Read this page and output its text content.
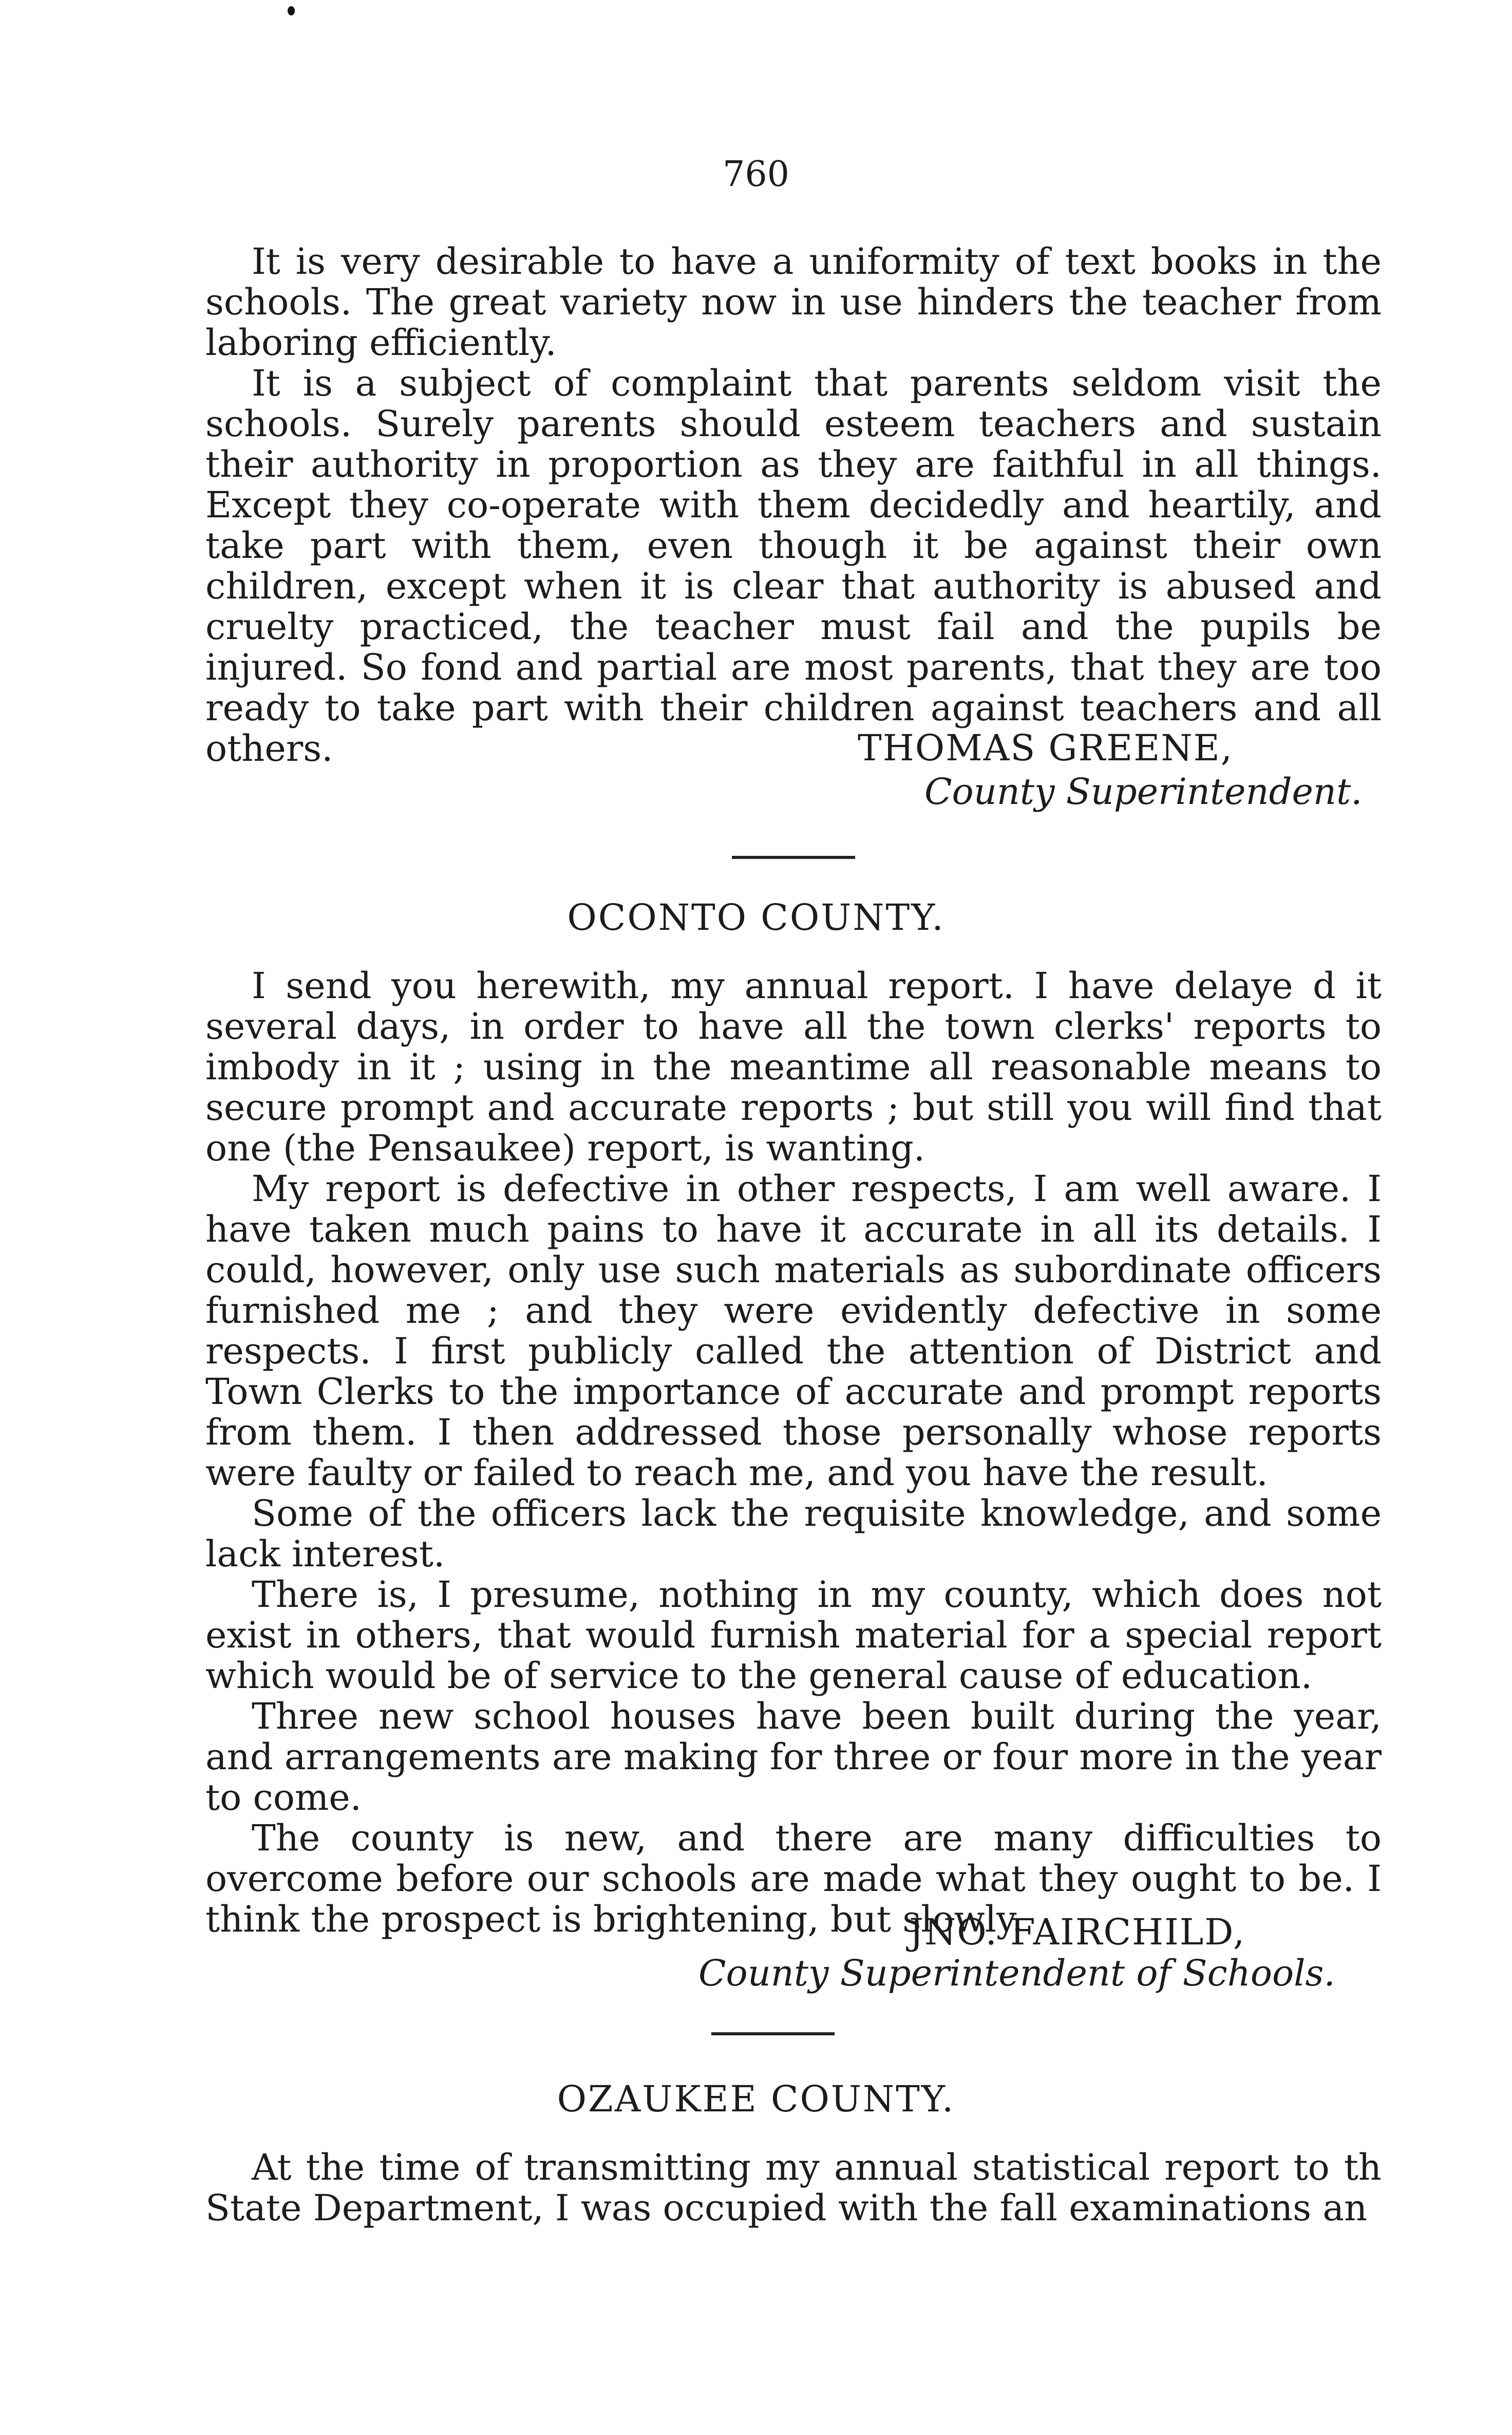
760

It is very desirable to have a uniformity of text books in the schools. The great variety now in use hinders the teacher from laboring efficiently.

It is a subject of complaint that parents seldom visit the schools. Surely parents should esteem teachers and sustain their authority in proportion as they are faithful in all things. Except they co-operate with them decidedly and heartily, and take part with them, even though it be against their own children, except when it is clear that authority is abused and cruelty practiced, the teacher must fail and the pupils be injured. So fond and partial are most parents, that they are too ready to take part with their children against teachers and all others.	THOMAS GREENE,
County Superintendent.
OCONTO COUNTY.

I send you herewith, my annual report. I have delaye d it several days, in order to have all the town clerks' reports to imbody in it ; using in the meantime all reasonable means to secure prompt and accurate reports ; but still you will find that one (the Pensaukee) report, is wanting.

My report is defective in other respects, I am well aware. I have taken much pains to have it accurate in all its details. I could, however, only use such materials as subordinate officers furnished me ; and they were evidently defective in some respects. I first publicly called the attention of District and Town Clerks to the importance of accurate and prompt reports from them. I then addressed those personally whose reports were faulty or failed to reach me, and you have the result.

Some of the officers lack the requisite knowledge, and some lack interest.

There is, I presume, nothing in my county, which does not exist in others, that would furnish material for a special report which would be of service to the general cause of education.

Three new school houses have been built during the year, and arrangements are making for three or four more in the year to come.

The county is new, and there are many difficulties to overcome before our schools are made what they ought to be. I think the prospect is brightening, but slowly.

JNO. FAIRCHILD,
County Superintendent of Schools.
OZAUKEE COUNTY.

At the time of transmitting my annual statistical report to th State Department, I was occupied with the fall examinations an
